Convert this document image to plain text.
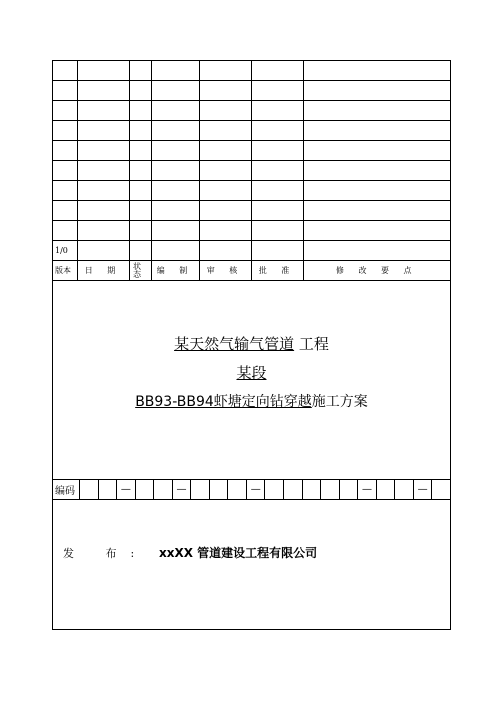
1/0						
版本	日 期	状态	编 制	审 核	批 准	修 改 要 点
某天然气输气管道 工程
某段
BB93-BB94虾塘定向钻穿越施工方案
编码	—	—	—	—	—
发 布: xxXX 管道建设工程有限公司
